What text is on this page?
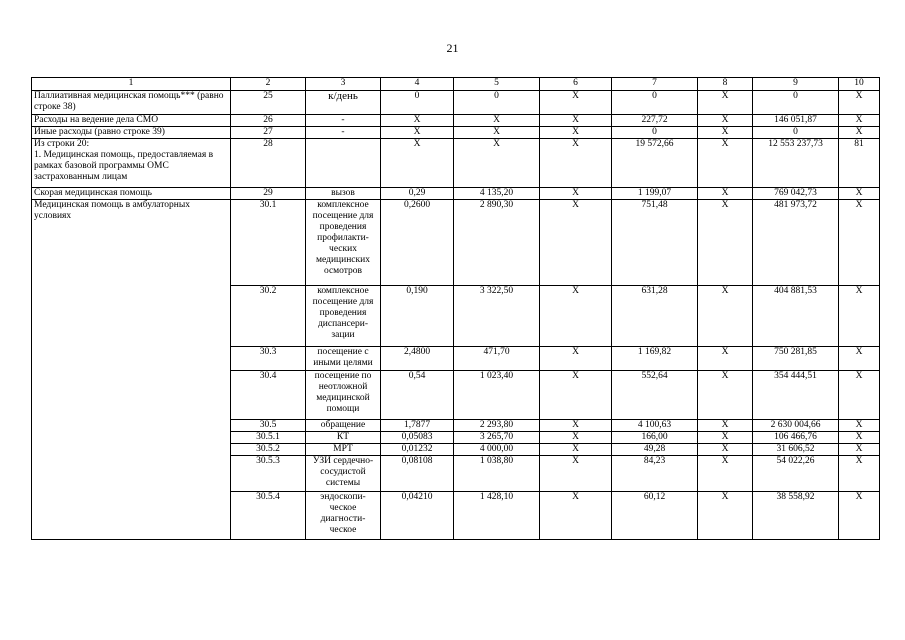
21
1	2	3	4	5	6	7	8	9	10
Паллиативная медицинская помощь*** (равно строке 38)	25	к/день	0	0	X	0	X	0	X
Расходы на ведение дела СМО	26	-	X	X	X	227,72	X	146 051,87	X
Иные расходы (равно строке 39)	27	-	X	X	X	0	X	0	X
Из строки 20:
1. Медицинская помощь, предоставляемая в рамках базовой программы ОМС застрахованным лицам	28		X	X	X	19 572,66	X	12 553 237,73	81
Скорая медицинская помощь	29	вызов	0,29	4 135,20	X	1 199,07	X	769 042,73	X
Медицинская помощь в амбулаторных условиях	30.1	комплексное посещение для проведения профилакти-ческих медицинских осмотров	0,2600	2 890,30	X	751,48	X	481 973,72	X
	30.2	комплексное посещение для проведения диспансери-зации	0,190	3 322,50	X	631,28	X	404 881,53	X
	30.3	посещение с иными целями	2,4800	471,70	X	1 169,82	X	750 281,85	X
	30.4	посещение по неотложной медицинской помощи	0,54	1 023,40	X	552,64	X	354 444,51	X
	30.5	обращение	1,7877	2 293,80	X	4 100,63	X	2 630 004,66	X
	30.5.1	КТ	0,05083	3 265,70	X	166,00	X	106 466,76	X
	30.5.2	МРТ	0,01232	4 000,00	X	49,28	X	31 606,52	X
	30.5.3	УЗИ сердечно-сосудистой системы	0,08108	1 038,80	X	84,23	X	54 022,26	X
	30.5.4	эндоскопи-ческое диагности-ческое	0,04210	1 428,10	X	60,12	X	38 558,92	X
